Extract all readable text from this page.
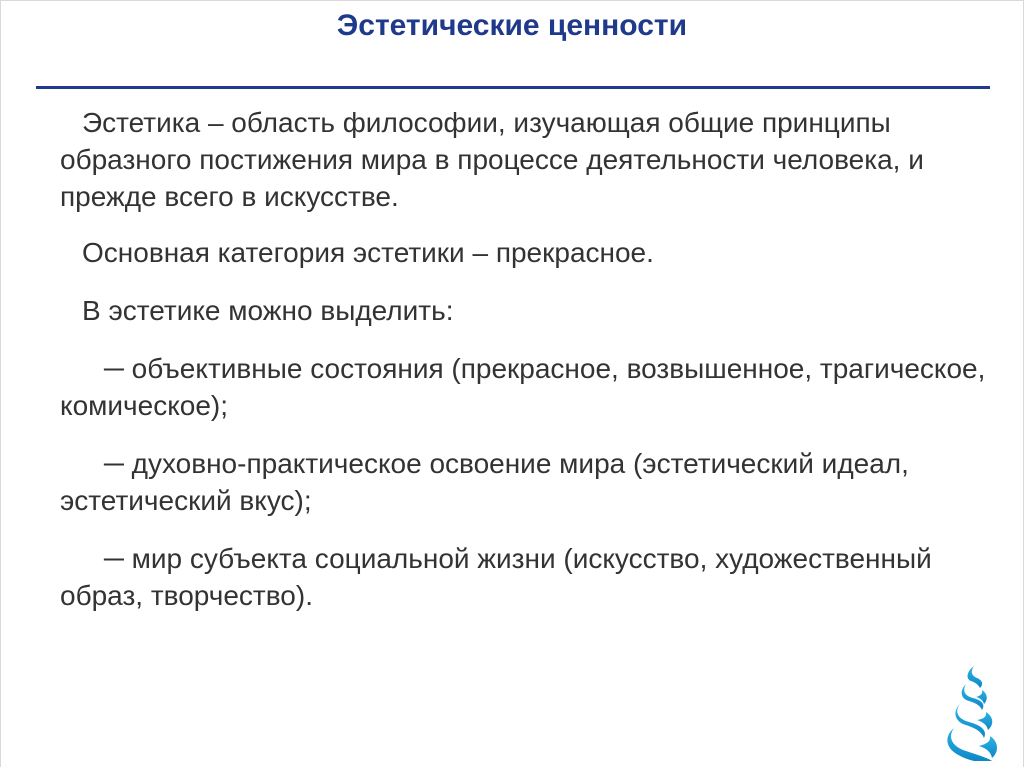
Эстетические ценности

Эстетика – область философии, изучающая общие принципы образного постижения мира в процессе деятельности человека, и прежде всего в искусстве.

Основная категория эстетики – прекрасное.

В эстетике можно выделить:

─ объективные состояния (прекрасное, возвышенное, трагическое, комическое);

─ духовно-практическое освоение мира (эстетический идеал, эстетический вкус);

─ мир субъекта социальной жизни (искусство, художественный образ, творчество).
